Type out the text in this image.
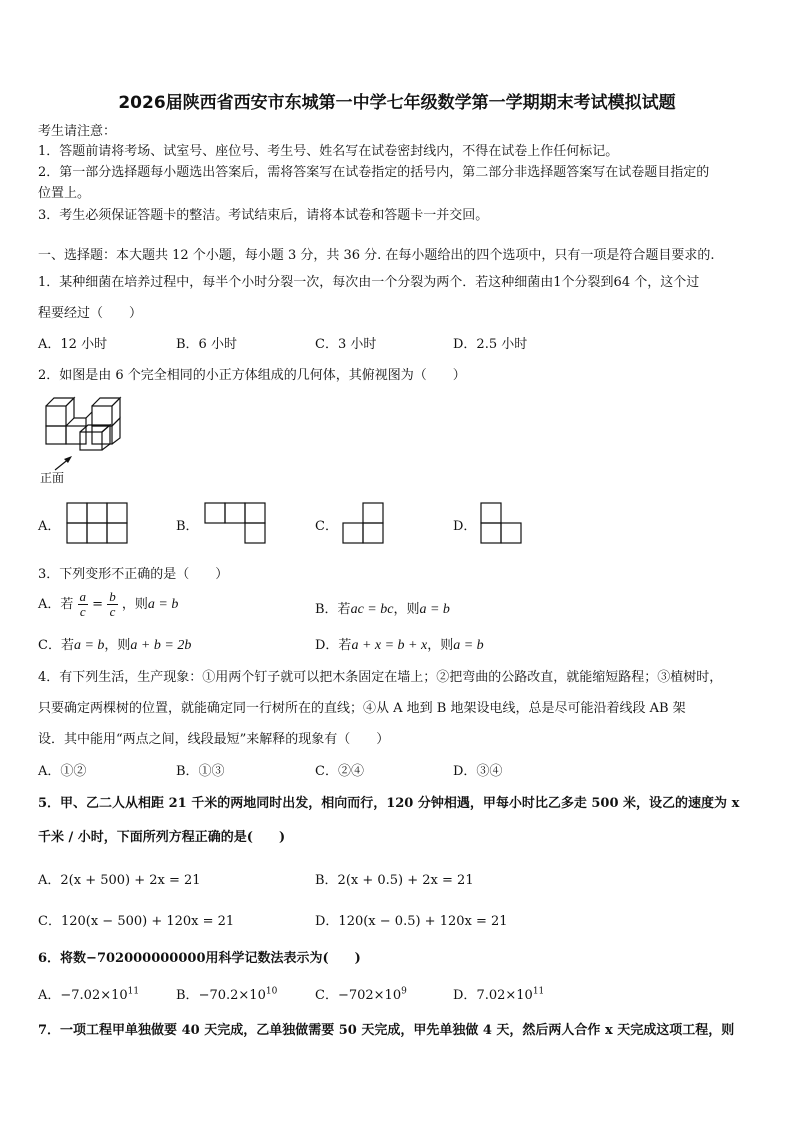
2026届陕西省西安市东城第一中学七年级数学第一学期期末考试模拟试题
考生请注意：
1．答题前请将考场、试室号、座位号、考生号、姓名写在试卷密封线内，不得在试卷上作任何标记。
2．第一部分选择题每小题选出答案后，需将答案写在试卷指定的括号内，第二部分非选择题答案写在试卷题目指定的
位置上。
3．考生必须保证答题卡的整洁。考试结束后，请将本试卷和答题卡一并交回。
一、选择题：本大题共 12 个小题，每小题 3 分，共 36 分. 在每小题给出的四个选项中，只有一项是符合题目要求的.
1．某种细菌在培养过程中，每半个小时分裂一次，每次由一个分裂为两个．若这种细菌由1个分裂到64 个，这个过
程要经过（　　）
A．12 小时	B．6 小时	C．3 小时	D．2.5 小时
2．如图是由 6 个完全相同的小正方体组成的几何体，其俯视图为（　　）
正面
A．	B．	C．	D．
3．下列变形不正确的是（　　）
A．若 $\frac{a}{c} = \frac{b}{c}$ ，则a = b	B．若ac = bc，则a = b
C．若a = b，则a + b = 2b	D．若a + x = b + x，则a = b
4．有下列生活，生产现象：①用两个钉子就可以把木条固定在墙上；②把弯曲的公路改直，就能缩短路程；③植树时，
只要确定两棵树的位置，就能确定同一行树所在的直线；④从 A 地到 B 地架设电线，总是尽可能沿着线段 AB 架
设．其中能用“两点之间，线段最短”来解释的现象有（　　）
A．①②	B．①③	C．②④	D．③④
5．甲、乙二人从相距 21 千米的两地同时出发，相向而行，120 分钟相遇，甲每小时比乙多走 500 米，设乙的速度为 x
千米 / 小时，下面所列方程正确的是(　　)
A．2(x + 500) + 2x = 21	B．2(x + 0.5) + 2x = 21
C．120(x − 500) + 120x = 21	D．120(x − 0.5) + 120x = 21
6．将数−702000000000用科学记数法表示为(　　)
A．$-7.02\times 10^{11}$	B．$-70.2\times 10^{10}$	C．$-702\times 10^9$	D．$7.02\times 10^{11}$
7．一项工程甲单独做要 40 天完成，乙单独做需要 50 天完成，甲先单独做 4 天，然后两人合作 x 天完成这项工程，则
